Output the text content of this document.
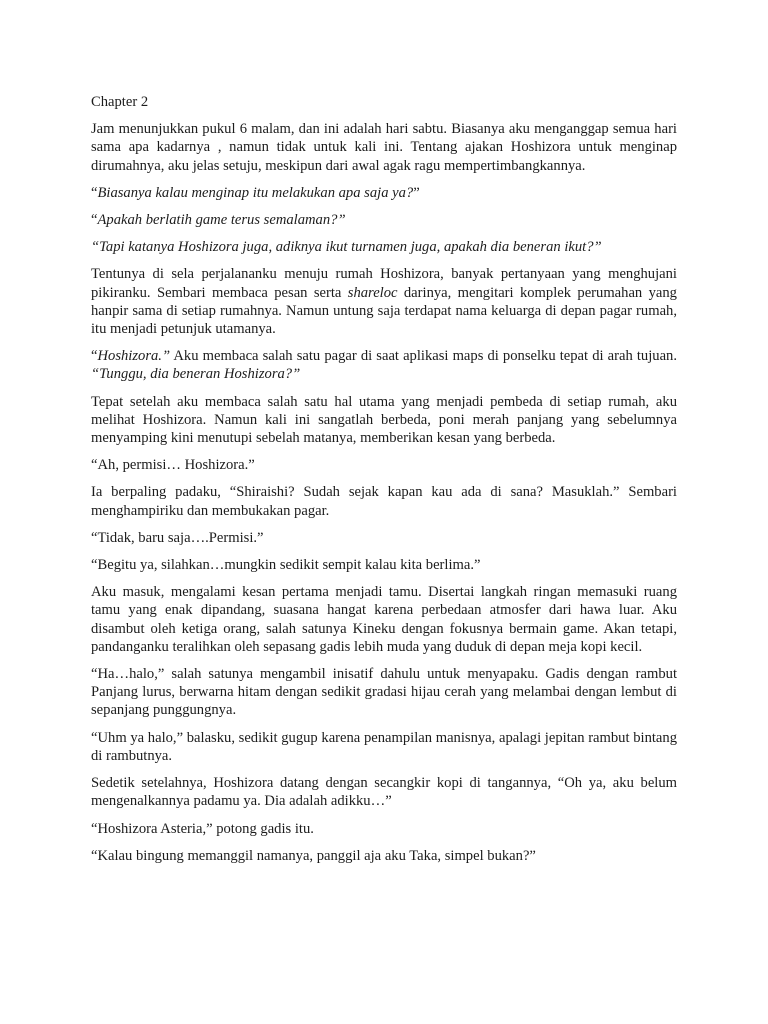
Chapter 2

Jam menunjukkan pukul 6 malam, dan ini adalah hari sabtu. Biasanya aku menganggap semua hari sama apa kadarnya , namun tidak untuk kali ini. Tentang ajakan Hoshizora untuk menginap dirumahnya, aku jelas setuju, meskipun dari awal agak ragu mempertimbangkannya.

“Biasanya kalau menginap itu melakukan apa saja ya?”

“Apakah berlatih game terus semalaman?”

“Tapi katanya Hoshizora juga, adiknya ikut turnamen juga, apakah dia beneran ikut?”

Tentunya di sela perjalananku menuju rumah Hoshizora, banyak pertanyaan yang menghujani pikiranku. Sembari membaca pesan serta shareloc darinya, mengitari komplek perumahan yang hanpir sama di setiap rumahnya. Namun untung saja terdapat nama keluarga di depan pagar rumah, itu menjadi petunjuk utamanya.

“Hoshizora.” Aku membaca salah satu pagar di saat aplikasi maps di ponselku tepat di arah tujuan. “Tunggu, dia beneran Hoshizora?”

Tepat setelah aku membaca salah satu hal utama yang menjadi pembeda di setiap rumah, aku melihat Hoshizora. Namun kali ini sangatlah berbeda, poni merah panjang yang sebelumnya menyamping kini menutupi sebelah matanya, memberikan kesan yang berbeda.

“Ah, permisi… Hoshizora.”

Ia berpaling padaku, “Shiraishi? Sudah sejak kapan kau ada di sana? Masuklah.” Sembari menghampiriku dan membukakan pagar.

“Tidak, baru saja….Permisi.”

“Begitu ya, silahkan…mungkin sedikit sempit kalau kita berlima.”

Aku masuk, mengalami kesan pertama menjadi tamu. Disertai langkah ringan memasuki ruang tamu yang enak dipandang, suasana hangat karena perbedaan atmosfer dari hawa luar. Aku disambut oleh ketiga orang, salah satunya Kineku dengan fokusnya bermain game. Akan tetapi, pandanganku teralihkan oleh sepasang gadis lebih muda yang duduk di depan meja kopi kecil.

“Ha…halo,” salah satunya mengambil inisatif dahulu untuk menyapaku. Gadis dengan rambut Panjang lurus, berwarna hitam dengan sedikit gradasi hijau cerah yang melambai dengan lembut di sepanjang punggungnya.

“Uhm ya halo,” balasku, sedikit gugup karena penampilan manisnya, apalagi jepitan rambut bintang di rambutnya.

Sedetik setelahnya, Hoshizora datang dengan secangkir kopi di tangannya, “Oh ya, aku belum mengenalkannya padamu ya. Dia adalah adikku…”

“Hoshizora Asteria,” potong gadis itu.

“Kalau bingung memanggil namanya, panggil aja aku Taka, simpel bukan?”
